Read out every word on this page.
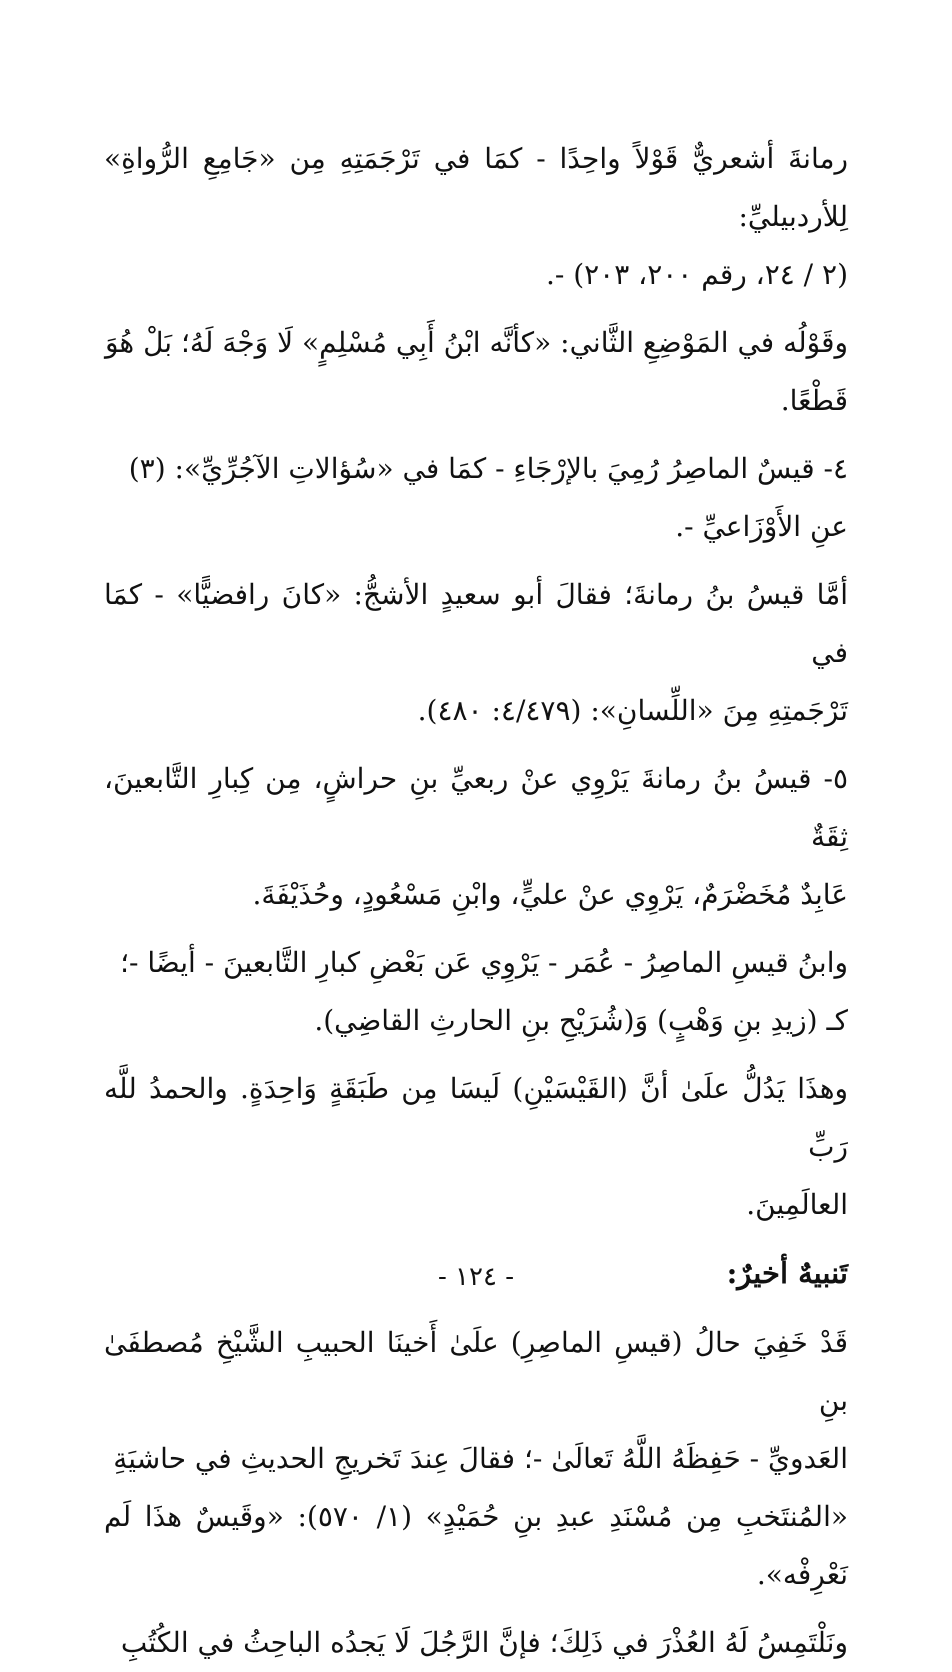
رمانةَ أشعريٌّ قَوْلاً واحِدًا - كمَا في تَرْجَمَتِهِ مِن «جَامِعِ الرُّواةِ» لِلأردبيليِّ:
(٢ / ٢٤، رقم ٢٠٠، ٢٠٣) -.
وقَوْلُه في المَوْضِعِ الثَّاني: «كأنَّه ابْنُ أَبِي مُسْلِمٍ» لَا وَجْهَ لَهُ؛ بَلْ هُوَ
قَطْعًا.
٤- قيسٌ الماصِرُ رُمِيَ بالإرْجَاءِ - كمَا في «سُؤالاتِ الآجُرِّيِّ»: (٣)
عنِ الأَوْزَاعيِّ -.
أمَّا قيسُ بنُ رمانةَ؛ فقالَ أبو سعيدٍ الأشجُّ: «كانَ رافضيًّا» - كمَا في
تَرْجَمتِهِ مِنَ «اللِّسانِ»: (٤/٤٧٩: ٤٨٠).
٥- قيسُ بنُ رمانةَ يَرْوِي عنْ ربعيِّ بنِ حراشٍ، مِن كِبارِ التَّابعينَ، ثِقَةٌ
عَابِدٌ مُخَضْرَمٌ، يَرْوِي عنْ عليٍّ، وابْنِ مَسْعُودٍ، وحُذَيْفَةَ.
وابنُ قيسِ الماصِرُ - عُمَر - يَرْوِي عَن بَعْضِ كبارِ التَّابعينَ - أيضًا -؛
كـ (زيدِ بنِ وَهْبٍ) وَ(شُرَيْحِ بنِ الحارثِ القاضِي).
وهذَا يَدُلُّ علَىٰ أنَّ (القَيْسَيْنِ) لَيسَا مِن طَبَقَةٍ وَاحِدَةٍ. والحمدُ للَّه رَبِّ
العالَمِينَ.
تَنبيهٌ أخيرٌ:
قَدْ خَفِيَ حالُ (قيسِ الماصِرِ) علَىٰ أَخينَا الحبيبِ الشَّيْخِ مُصطفَىٰ بنِ
العَدويِّ - حَفِظَهُ اللَّهُ تَعالَىٰ -؛ فقالَ عِندَ تَخريجِ الحديثِ في حاشيَةِ
«المُنتَخبِ مِن مُسْنَدِ عبدِ بنِ حُمَيْدٍ» (١/ ٥٧٠): «وقَيسٌ هذَا لَم نَعْرِفْه».
ونَلْتَمِسُ لَهُ العُذْرَ في ذَلِكَ؛ فإنَّ الرَّجُلَ لَا يَجدُه الباحِثُ في الكُتُبِ
- ١٢٤ -
